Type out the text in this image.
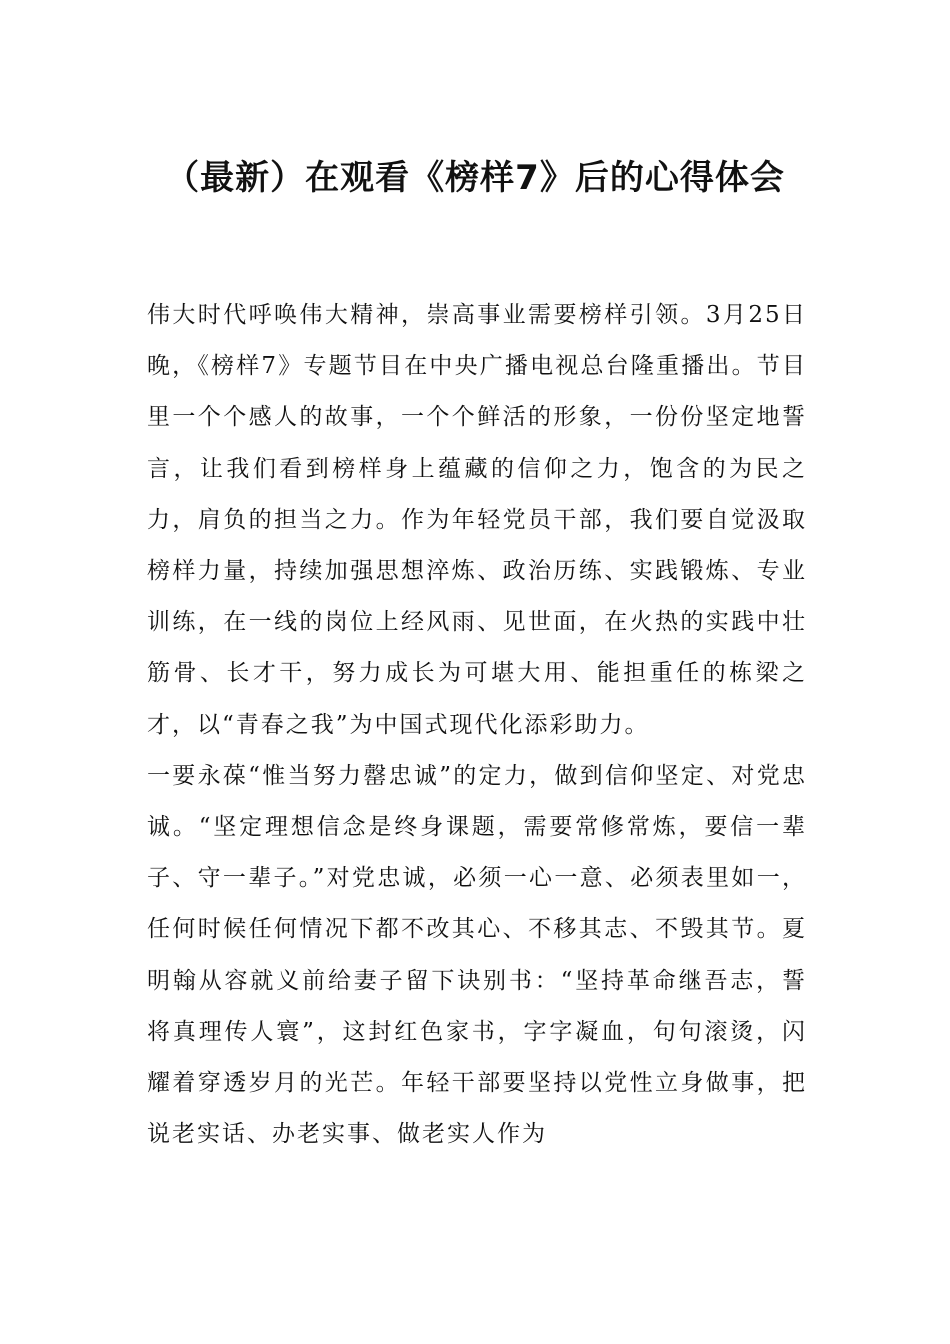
（最新）在观看《榜样7》后的心得体会

伟大时代呼唤伟大精神，崇高事业需要榜样引领。3月25日晚，《榜样7》专题节目在中央广播电视总台隆重播出。节目里一个个感人的故事，一个个鲜活的形象，一份份坚定地誓言，让我们看到榜样身上蕴藏的信仰之力，饱含的为民之力，肩负的担当之力。作为年轻党员干部，我们要自觉汲取榜样力量，持续加强思想淬炼、政治历练、实践锻炼、专业训练，在一线的岗位上经风雨、见世面，在火热的实践中壮筋骨、长才干，努力成长为可堪大用、能担重任的栋梁之才，以“青春之我”为中国式现代化添彩助力。

一要永葆“惟当努力罄忠诚”的定力，做到信仰坚定、对党忠诚。“坚定理想信念是终身课题，需要常修常炼，要信一辈子、守一辈子。”对党忠诚，必须一心一意、必须表里如一，任何时候任何情况下都不改其心、不移其志、不毁其节。夏明翰从容就义前给妻子留下诀别书：“坚持革命继吾志，誓将真理传人寰”，这封红色家书，字字凝血，句句滚烫，闪耀着穿透岁月的光芒。年轻干部要坚持以党性立身做事，把说老实话、办老实事、做老实人作为
